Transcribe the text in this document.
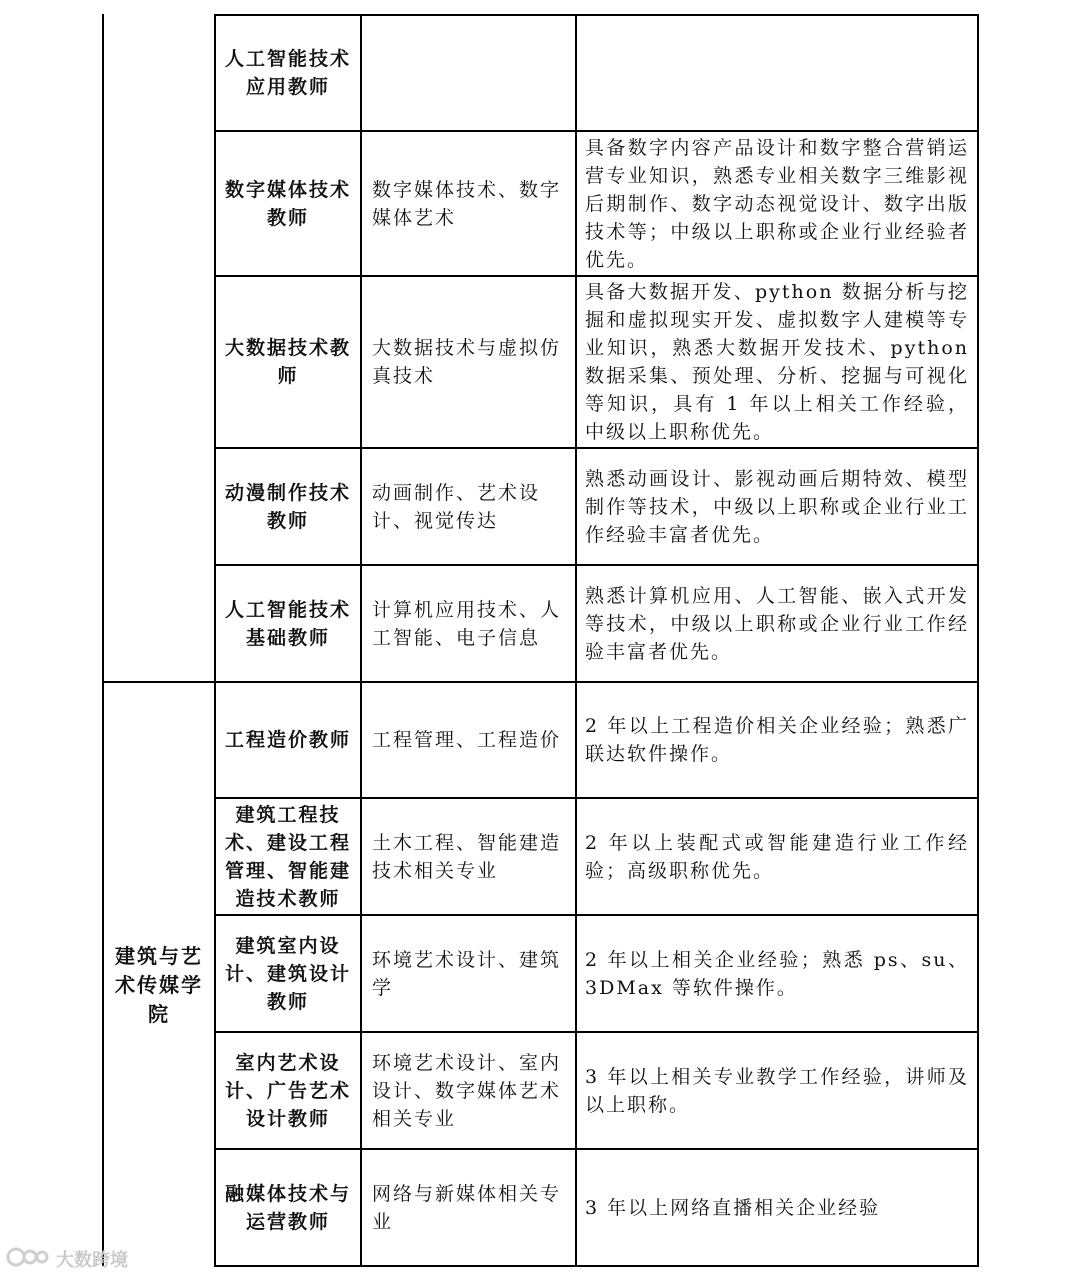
建筑与艺术传媒学院
人工智能技术应用教师
数字媒体技术教师
数字媒体技术、数字媒体艺术
具备数字内容产品设计和数字整合营销运营专业知识，熟悉专业相关数字三维影视后期制作、数字动态视觉设计、数字出版技术等；中级以上职称或企业行业经验者优先。
大数据技术教师
大数据技术与虚拟仿真技术
具备大数据开发、python 数据分析与挖掘和虚拟现实开发、虚拟数字人建模等专业知识，熟悉大数据开发技术、python数据采集、预处理、分析、挖掘与可视化等知识，具有 1 年以上相关工作经验，中级以上职称优先。
动漫制作技术教师
动画制作、艺术设计、视觉传达
熟悉动画设计、影视动画后期特效、模型制作等技术，中级以上职称或企业行业工作经验丰富者优先。
人工智能技术基础教师
计算机应用技术、人工智能、电子信息
熟悉计算机应用、人工智能、嵌入式开发等技术，中级以上职称或企业行业工作经验丰富者优先。
工程造价教师 工程管理、工程造价
2 年以上工程造价相关企业经验；熟悉广联达软件操作。
建筑工程技术、建设工程管理、智能建造技术教师
土木工程、智能建造技术相关专业
2 年以上装配式或智能建造行业工作经验；高级职称优先。
建筑室内设计、建筑设计教师
环境艺术设计、建筑学
2 年以上相关企业经验；熟悉 ps、su、3DMax 等软件操作。
室内艺术设计、广告艺术设计教师
环境艺术设计、室内设计、数字媒体艺术相关专业
3 年以上相关专业教学工作经验，讲师及以上职称。
融媒体技术与运营教师
网络与新媒体相关专业
3 年以上网络直播相关企业经验
大数跨境
